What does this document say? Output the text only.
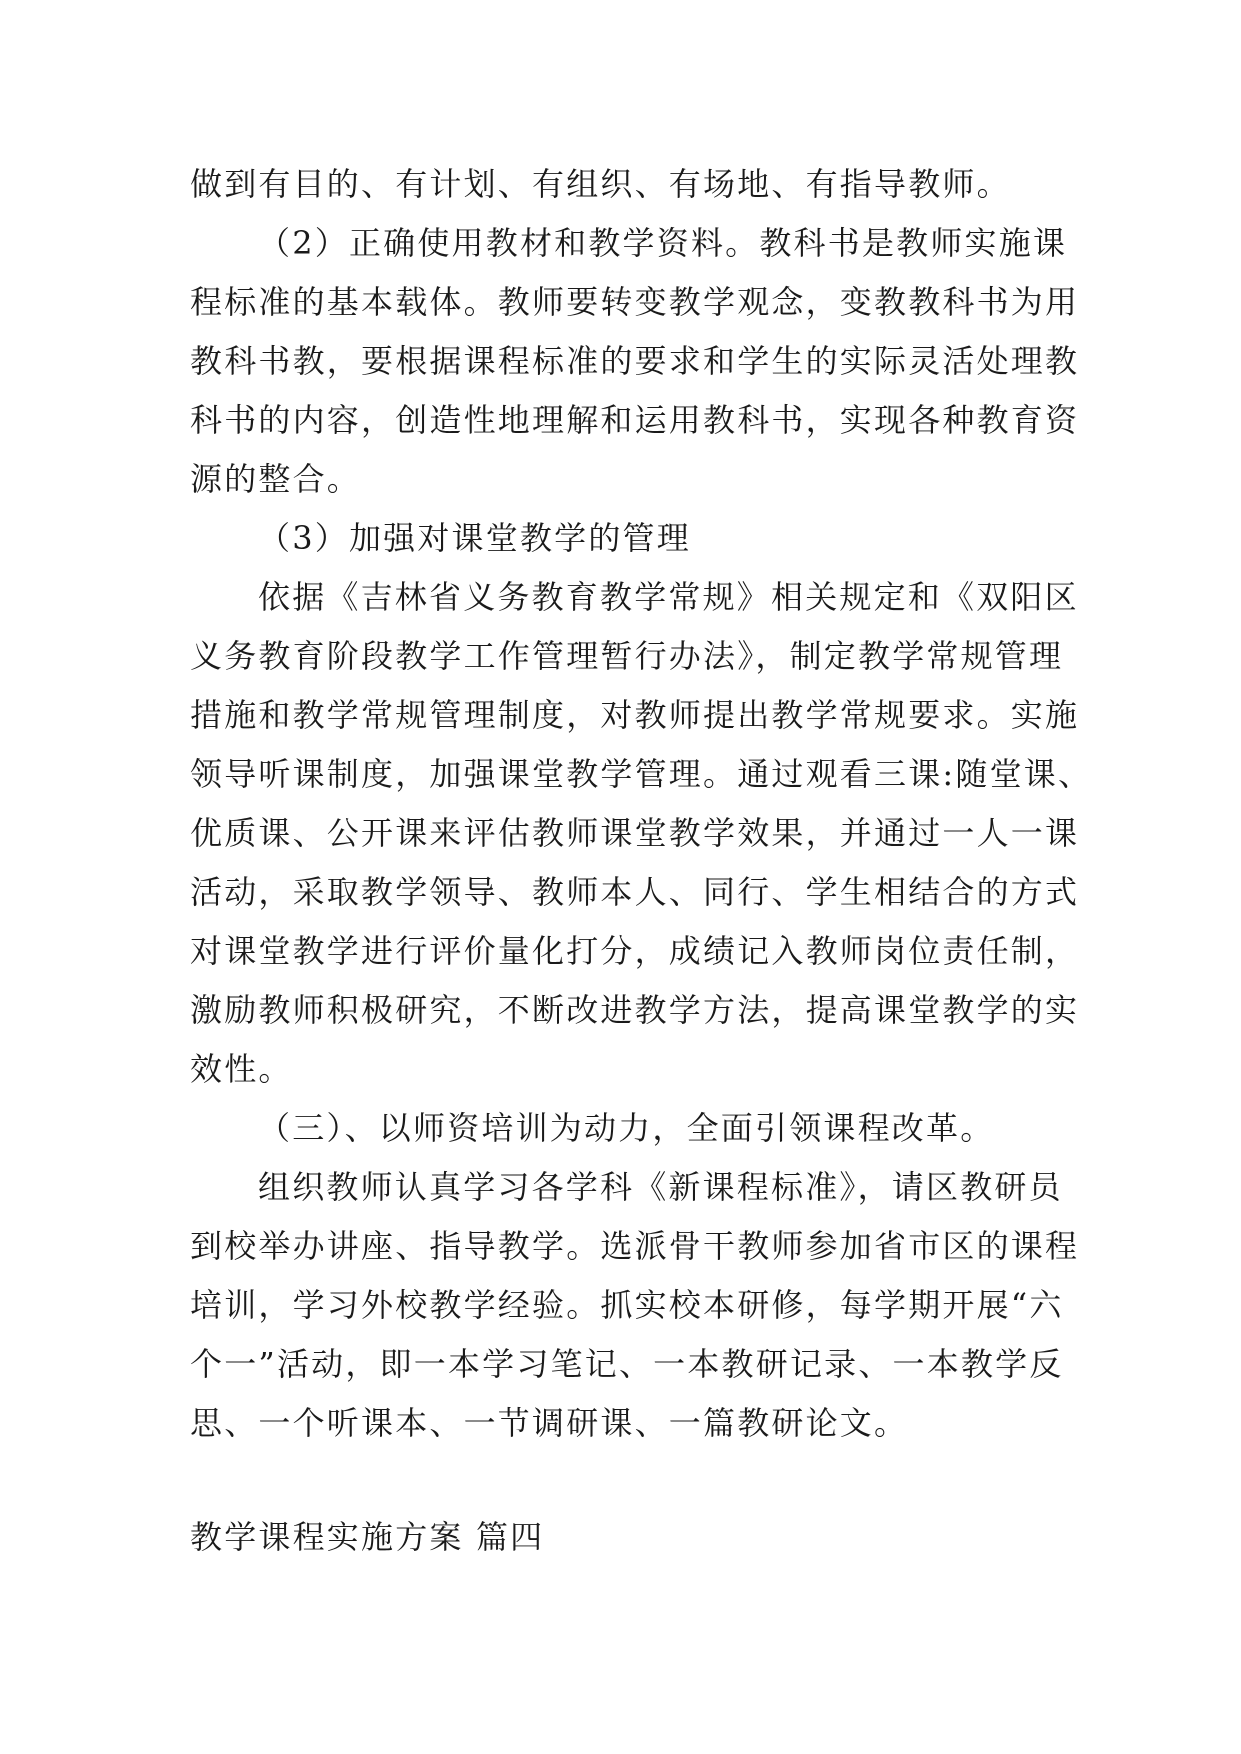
做到有目的、有计划、有组织、有场地、有指导教师。
（2）正确使用教材和教学资料。教科书是教师实施课
程标准的基本载体。教师要转变教学观念，变教教科书为用
教科书教，要根据课程标准的要求和学生的实际灵活处理教
科书的内容，创造性地理解和运用教科书，实现各种教育资
源的整合。
（3）加强对课堂教学的管理
依据《吉林省义务教育教学常规》相关规定和《双阳区
义务教育阶段教学工作管理暂行办法》，制定教学常规管理
措施和教学常规管理制度，对教师提出教学常规要求。实施
领导听课制度，加强课堂教学管理。通过观看三课:随堂课、
优质课、公开课来评估教师课堂教学效果，并通过一人一课
活动，采取教学领导、教师本人、同行、学生相结合的方式
对课堂教学进行评价量化打分，成绩记入教师岗位责任制，
激励教师积极研究，不断改进教学方法，提高课堂教学的实
效性。
（三）、以师资培训为动力，全面引领课程改革。
组织教师认真学习各学科《新课程标准》，请区教研员
到校举办讲座、指导教学。选派骨干教师参加省市区的课程
培训，学习外校教学经验。抓实校本研修，每学期开展“六
个一”活动，即一本学习笔记、一本教研记录、一本教学反
思、一个听课本、一节调研课、一篇教研论文。
教学课程实施方案 篇四
